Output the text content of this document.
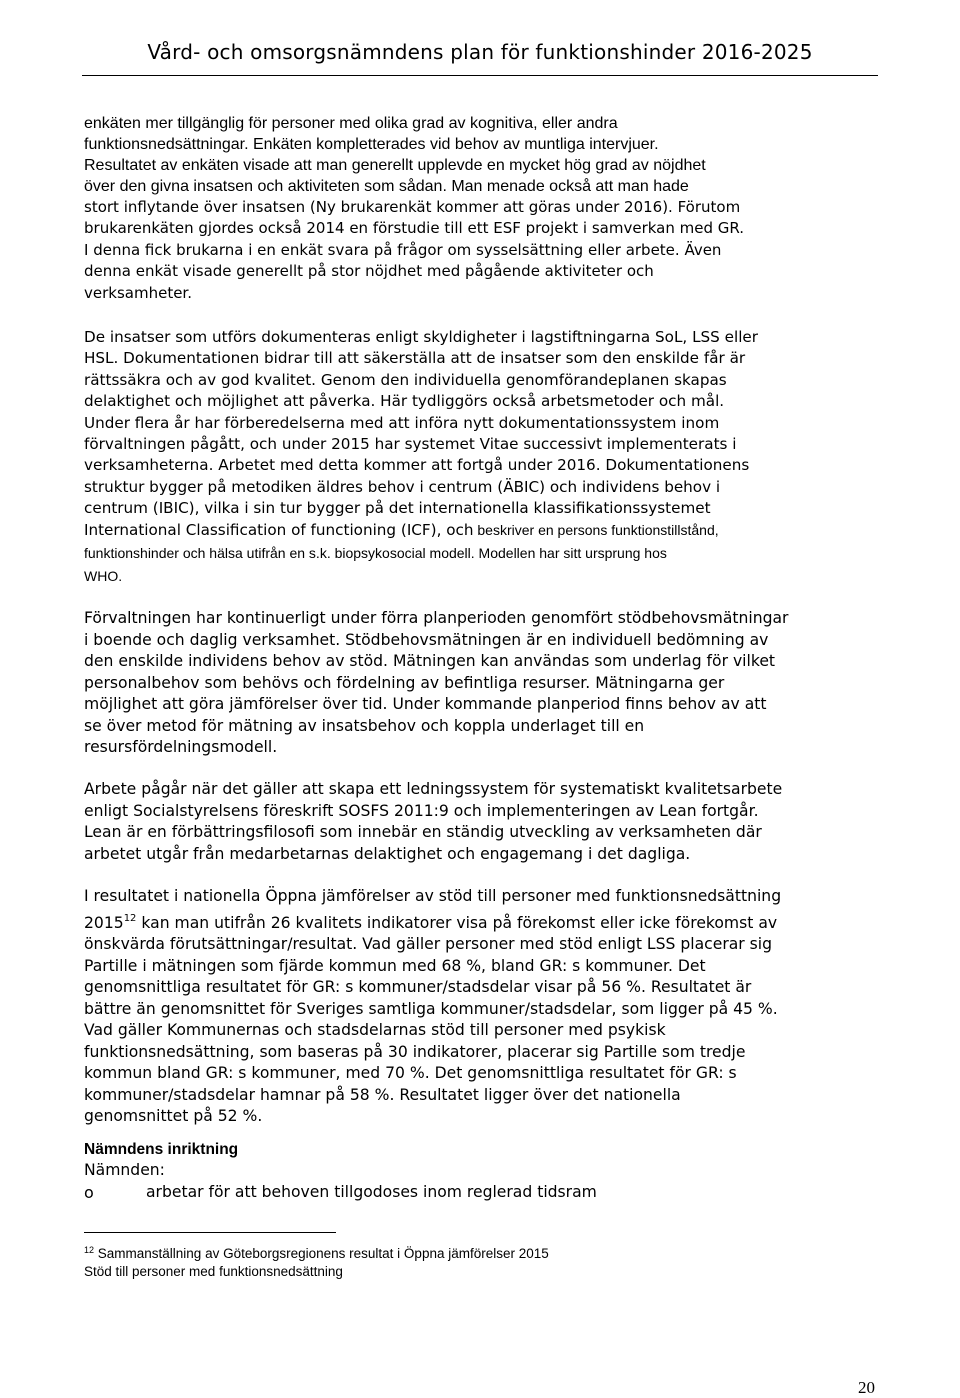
Vård- och omsorgsnämndens plan för funktionshinder 2016-2025
enkäten mer tillgänglig för personer med olika grad av kognitiva, eller andra
funktionsnedsättningar. Enkäten kompletterades vid behov av muntliga intervjuer.
Resultatet av enkäten visade att man generellt upplevde en mycket hög grad av nöjdhet
över den givna insatsen och aktiviteten som sådan. Man menade också att man hade
stort inflytande över insatsen (Ny brukarenkät kommer att göras under 2016). Förutom
brukarenkäten gjordes också 2014 en förstudie till ett ESF projekt i samverkan med GR.
I denna fick brukarna i en enkät svara på frågor om sysselsättning eller arbete. Även
denna enkät visade generellt på stor nöjdhet med pågående aktiviteter och
verksamheter.
De insatser som utförs dokumenteras enligt skyldigheter i lagstiftningarna SoL, LSS eller
HSL. Dokumentationen bidrar till att säkerställa att de insatser som den enskilde får är
rättssäkra och av god kvalitet. Genom den individuella genomförandeplanen skapas
delaktighet och möjlighet att påverka. Här tydliggörs också arbetsmetoder och mål.
Under flera år har förberedelserna med att införa nytt dokumentationssystem inom
förvaltningen pågått, och under 2015 har systemet Vitae successivt implementerats i
verksamheterna. Arbetet med detta kommer att fortgå under 2016. Dokumentationens
struktur bygger på metodiken äldres behov i centrum (ÄBIC) och individens behov i
centrum (IBIC), vilka i sin tur bygger på det internationella klassifikationssystemet
International Classification of functioning (ICF), och beskriver en persons funktionstillstånd,
funktionshinder och hälsa utifrån en s.k. biopsykosocial modell. Modellen har sitt ursprung hos
WHO.
Förvaltningen har kontinuerligt under förra planperioden genomfört stödbehovsmätningar
i boende och daglig verksamhet. Stödbehovsmätningen är en individuell bedömning av
den enskilde individens behov av stöd. Mätningen kan användas som underlag för vilket
personalbehov som behövs och fördelning av befintliga resurser. Mätningarna ger
möjlighet att göra jämförelser över tid. Under kommande planperiod finns behov av att
se över metod för mätning av insatsbehov och koppla underlaget till en
resursfördelningsmodell.
Arbete pågår när det gäller att skapa ett ledningssystem för systematiskt kvalitetsarbete
enligt Socialstyrelsens föreskrift SOSFS 2011:9 och implementeringen av Lean fortgår.
Lean är en förbättringsfilosofi som innebär en ständig utveckling av verksamheten där
arbetet utgår från medarbetarnas delaktighet och engagemang i det dagliga.
I resultatet i nationella Öppna jämförelser av stöd till personer med funktionsnedsättning
2015$^{12}$ kan man utifrån 26 kvalitets indikatorer visa på förekomst eller icke förekomst av
önskvärda förutsättningar/resultat. Vad gäller personer med stöd enligt LSS placerar sig
Partille i mätningen som fjärde kommun med 68 %, bland GR: s kommuner. Det
genomsnittliga resultatet för GR: s kommuner/stadsdelar visar på 56 %. Resultatet är
bättre än genomsnittet för Sveriges samtliga kommuner/stadsdelar, som ligger på 45 %.
Vad gäller Kommunernas och stadsdelarnas stöd till personer med psykisk
funktionsnedsättning, som baseras på 30 indikatorer, placerar sig Partille som tredje
kommun bland GR: s kommuner, med 70 %. Det genomsnittliga resultatet för GR: s
kommuner/stadsdelar hamnar på 58 %. Resultatet ligger över det nationella
genomsnittet på 52 %.
Nämndens inriktning
Nämnden:
o	arbetar för att behoven tillgodoses inom reglerad tidsram
$^{12}$ Sammanställning av Göteborgsregionens resultat i Öppna jämförelser 2015
Stöd till personer med funktionsnedsättning
20
